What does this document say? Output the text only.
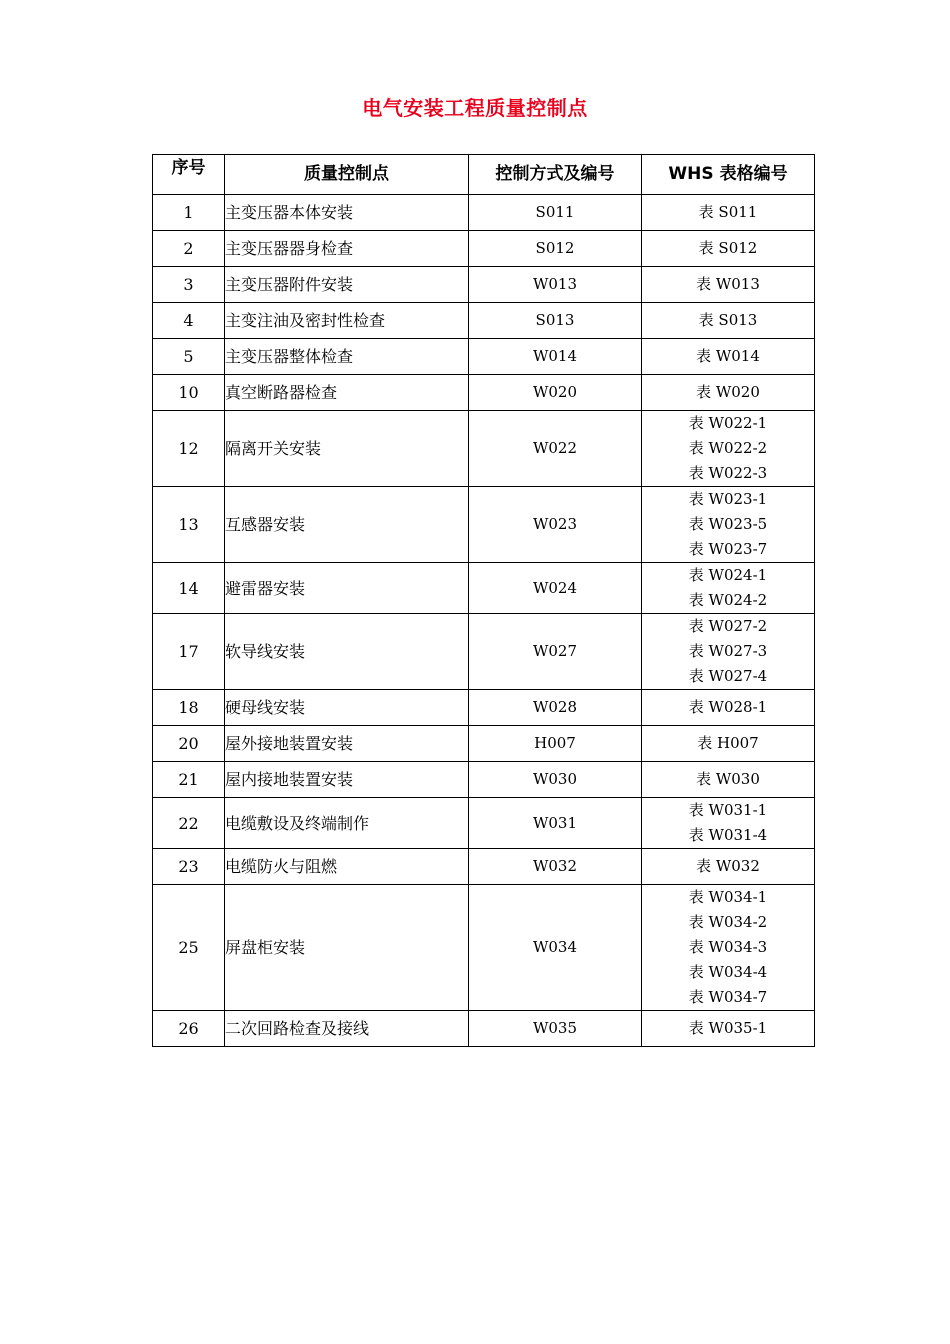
电气安装工程质量控制点
序号	质量控制点	控制方式及编号	WHS 表格编号
1	主变压器本体安装	S011	表 S011

2	主变压器器身检查	S012	表 S012

3	主变压器附件安装	W013	表 W013

4	主变注油及密封性检查	S013	表 S013

5	主变压器整体检查	W014	表 W014

10	真空断路器检查	W020	表 W020

12	隔离开关安装	W022	表 W022-1
表 W022-2
表 W022-3

13	互感器安装	W023	表 W023-1
表 W023-5
表 W023-7

14	避雷器安装	W024	表 W024-1
表 W024-2

17	软导线安装	W027	表 W027-2
表 W027-3
表 W027-4

18	硬母线安装	W028	表 W028-1

20	屋外接地装置安装	H007	表 H007

21	屋内接地装置安装	W030	表 W030

22	电缆敷设及终端制作	W031	表 W031-1
表 W031-4

23	电缆防火与阻燃	W032	表 W032

25	屏盘柜安装	W034	表 W034-1
表 W034-2
表 W034-3
表 W034-4
表 W034-7

26	二次回路检查及接线	W035	表 W035-1
